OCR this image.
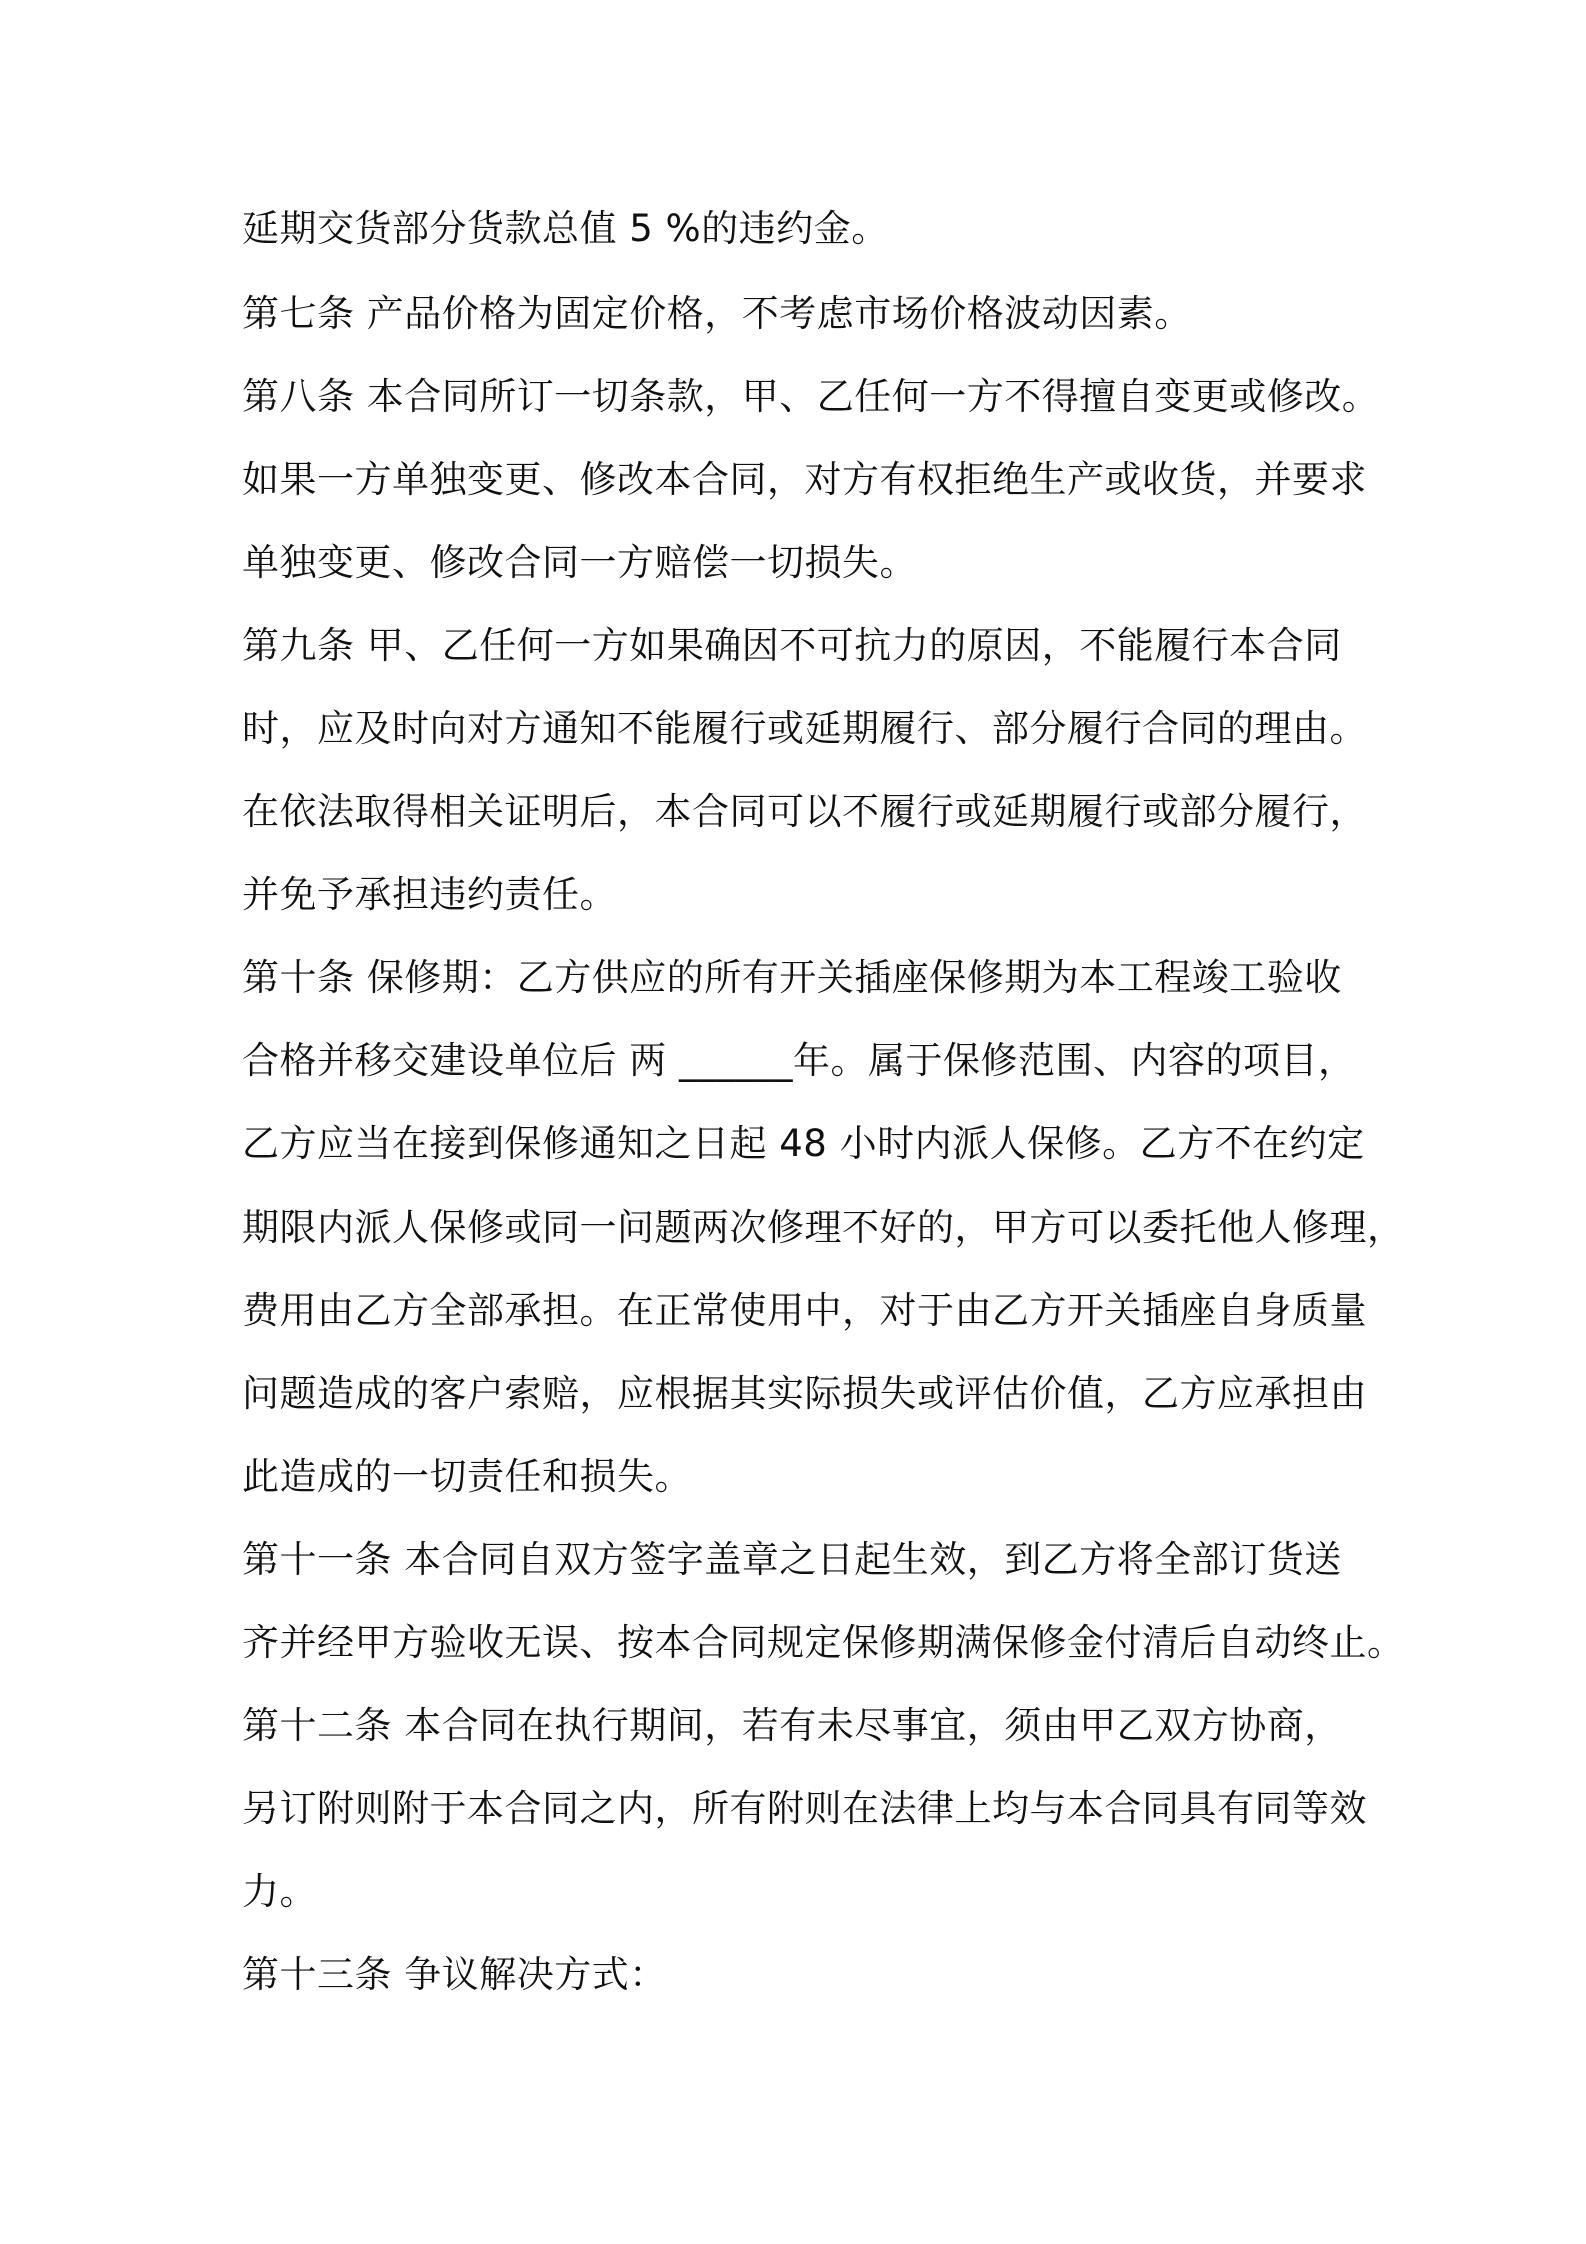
延期交货部分货款总值 5 %的违约金。
第七条 产品价格为固定价格，不考虑市场价格波动因素。
第八条 本合同所订一切条款，甲、乙任何一方不得擅自变更或修改。
如果一方单独变更、修改本合同，对方有权拒绝生产或收货，并要求
单独变更、修改合同一方赔偿一切损失。
第九条 甲、乙任何一方如果确因不可抗力的原因，不能履行本合同
时，应及时向对方通知不能履行或延期履行、部分履行合同的理由。
在依法取得相关证明后，本合同可以不履行或延期履行或部分履行，
并免予承担违约责任。
第十条 保修期：乙方供应的所有开关插座保修期为本工程竣工验收
合格并移交建设单位后 两 ______年。属于保修范围、内容的项目，
乙方应当在接到保修通知之日起 48 小时内派人保修。乙方不在约定
期限内派人保修或同一问题两次修理不好的，甲方可以委托他人修理，
费用由乙方全部承担。在正常使用中，对于由乙方开关插座自身质量
问题造成的客户索赔，应根据其实际损失或评估价值，乙方应承担由
此造成的一切责任和损失。
第十一条 本合同自双方签字盖章之日起生效，到乙方将全部订货送
齐并经甲方验收无误、按本合同规定保修期满保修金付清后自动终止。
第十二条 本合同在执行期间，若有未尽事宜，须由甲乙双方协商，
另订附则附于本合同之内，所有附则在法律上均与本合同具有同等效
力。
第十三条 争议解决方式：
